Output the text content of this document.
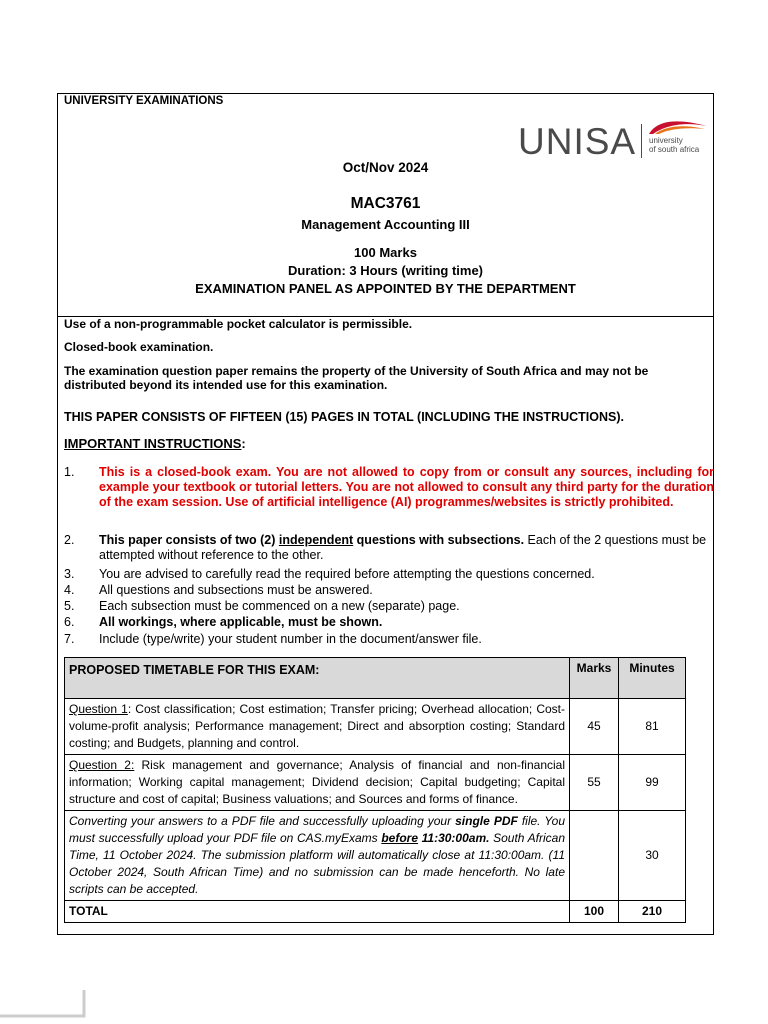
UNIVERSITY EXAMINATIONS
UNISA university
of south africa
Oct/Nov 2024
MAC3761
Management Accounting III
100 Marks
Duration: 3 Hours (writing time)
EXAMINATION PANEL AS APPOINTED BY THE DEPARTMENT
Use of a non-programmable pocket calculator is permissible.
Closed-book examination.
The examination question paper remains the property of the University of South Africa and may not be distributed beyond its intended use for this examination.
THIS PAPER CONSISTS OF FIFTEEN (15) PAGES IN TOTAL (INCLUDING THE INSTRUCTIONS).
IMPORTANT INSTRUCTIONS:
1. This is a closed-book exam. You are not allowed to copy from or consult any sources, including for example your textbook or tutorial letters. You are not allowed to consult any third party for the duration of the exam session. Use of artificial intelligence (AI) programmes/websites is strictly prohibited.
2. This paper consists of two (2) independent questions with subsections. Each of the 2 questions must be attempted without reference to the other.
3. You are advised to carefully read the required before attempting the questions concerned.
4. All questions and subsections must be answered.
5. Each subsection must be commenced on a new (separate) page.
6. All workings, where applicable, must be shown.
7. Include (type/write) your student number in the document/answer file.
PROPOSED TIMETABLE FOR THIS EXAM:	Marks	Minutes
Question 1: Cost classification; Cost estimation; Transfer pricing; Overhead allocation; Cost-volume-profit analysis; Performance management; Direct and absorption costing; Standard costing; and Budgets, planning and control.	45	81
Question 2: Risk management and governance; Analysis of financial and non-financial information; Working capital management; Dividend decision; Capital budgeting; Capital structure and cost of capital; Business valuations; and Sources and forms of finance.	55	99
Converting your answers to a PDF file and successfully uploading your single PDF file. You must successfully upload your PDF file on CAS.myExams before 11:30:00am. South African Time, 11 October 2024. The submission platform will automatically close at 11:30:00am. (11 October 2024, South African Time) and no submission can be made henceforth. No late scripts can be accepted.		30
TOTAL	100	210
